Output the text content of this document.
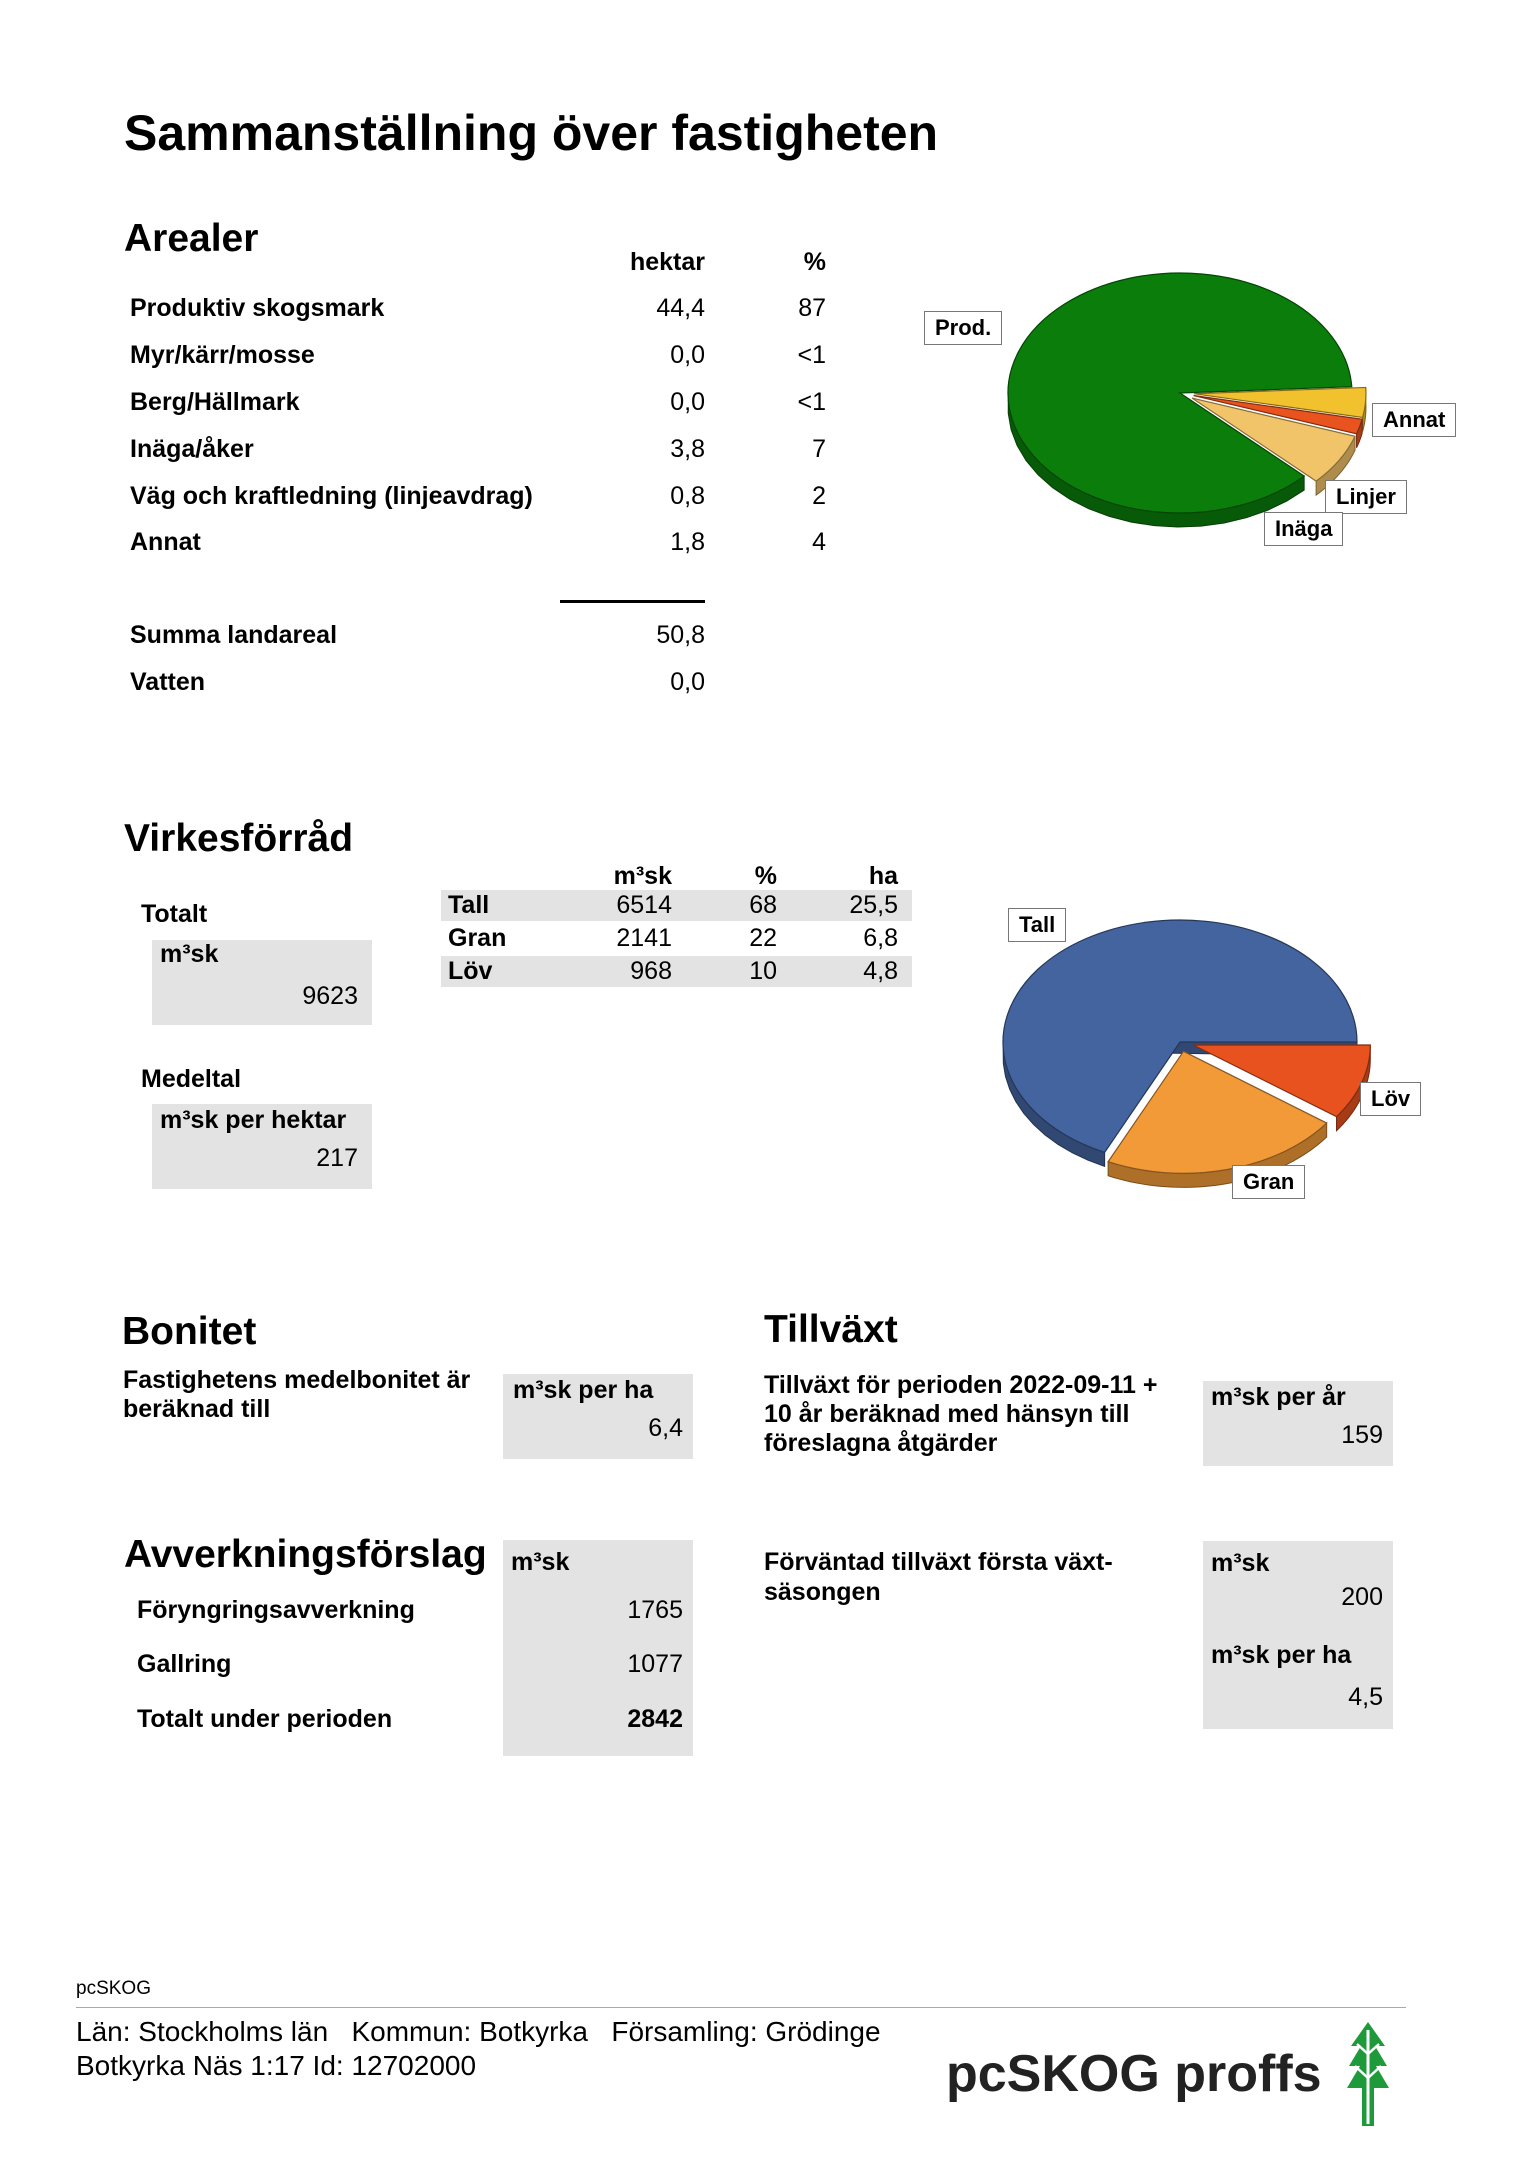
Sammanställning över fastigheten
Arealer
hektar	%
Produktiv skogsmark	44,4	87
Myr/kärr/mosse	0,0	<1
Berg/Hällmark	0,0	<1
Inäga/åker	3,8	7
Väg och kraftledning (linjeavdrag)	0,8	2
Annat	1,8	4
Summa landareal	50,8
Vatten	0,0
Prod.
Annat
Linjer
Inäga
Virkesförråd
Totalt
m³sk
9623
Medeltal
m³sk per hektar
217
m³sk	%	ha
Tall	6514	68	25,5
Gran	2141	22	6,8
Löv	968	10	4,8
Tall
Löv
Gran
Bonitet
Fastighetens medelbonitet är beräknad till
m³sk per ha
6,4
Tillväxt
Tillväxt för perioden 2022-09-11 + 10 år beräknad med hänsyn till föreslagna åtgärder
m³sk per år
159
Avverkningsförslag m³sk
Föryngringsavverkning	1765
Gallring	1077
Totalt under perioden	2842
Förväntad tillväxt första växt-säsongen
m³sk
200
m³sk per ha
4,5
pcSKOG
Län: Stockholms län   Kommun: Botkyrka   Församling: Grödinge
Botkyrka Näs 1:17 Id: 12702000	pcSKOG proffs
